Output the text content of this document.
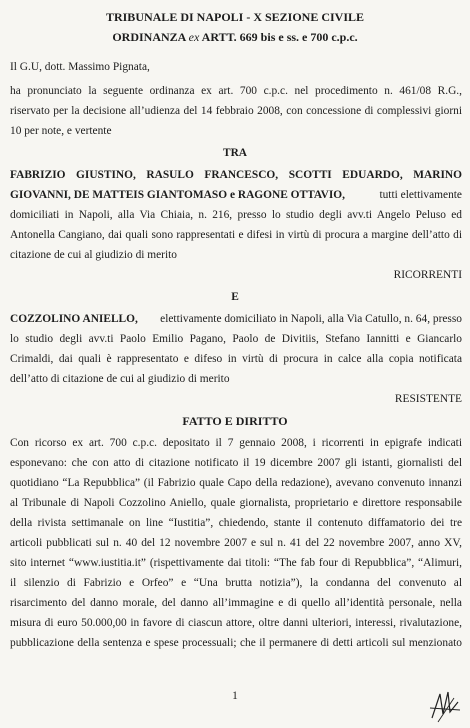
TRIBUNALE DI NAPOLI - X SEZIONE CIVILE
ORDINANZA ex ARTT. 669 bis e ss. e 700 c.p.c.
Il G.U, dott. Massimo Pignata,
ha pronunciato la seguente ordinanza ex art. 700 c.p.c. nel procedimento n. 461/08 R.G.,
riservato per la decisione all’udienza del 14 febbraio 2008, con concessione di complessivi giorni
10 per note, e vertente
TRA
FABRIZIO GIUSTINO, RASULO FRANCESCO, SCOTTI EDUARDO, MARINO
GIOVANNI, DE MATTEIS GIANTOMASO e RAGONE OTTAVIO,	tutti elettivamente
domiciliati in Napoli, alla Via Chiaia, n. 216, presso lo studio degli avv.ti Angelo Peluso ed
Antonella Cangiano, dai quali sono rappresentati e difesi in virtù di procura a margine dell’atto di
citazione de cui al giudizio di merito
RICORRENTI
E
COZZOLINO ANIELLO, elettivamente domiciliato in Napoli, alla Via Catullo, n. 64, presso
lo studio degli avv.ti Paolo Emilio Pagano, Paolo de Divitiis, Stefano Iannitti e Giancarlo
Crimaldi, dai quali è rappresentato e difeso in virtù di procura in calce alla copia notificata
dell’atto di citazione de cui al giudizio di merito
RESISTENTE
FATTO E DIRITTO
Con ricorso ex art. 700 c.p.c. depositato il 7 gennaio 2008, i ricorrenti in epigrafe indicati
esponevano: che con atto di citazione notificato il 19 dicembre 2007 gli istanti, giornalisti del
quotidiano “La Repubblica” (il Fabrizio quale Capo della redazione), avevano convenuto innanzi
al Tribunale di Napoli Cozzolino Aniello, quale giornalista, proprietario e direttore responsabile
della rivista settimanale on line “Iustitia”, chiedendo, stante il contenuto diffamatorio dei tre
articoli pubblicati sul n. 40 del 12 novembre 2007 e sul n. 41 del 22 novembre 2007, anno XV,
sito internet “www.iustitia.it” (rispettivamente dai titoli: “The fab four di Repubblica”, “Alimuri,
il silenzio di Fabrizio e Orfeo” e “Una brutta notizia”), la condanna del convenuto al
risarcimento del danno morale, del danno all’immagine e di quello all’identità personale, nella
misura di euro 50.000,00 in favore di ciascun attore, oltre danni ulteriori, interessi, rivalutazione,
pubblicazione della sentenza e spese processuali; che il permanere di detti articoli sul menzionato
1
